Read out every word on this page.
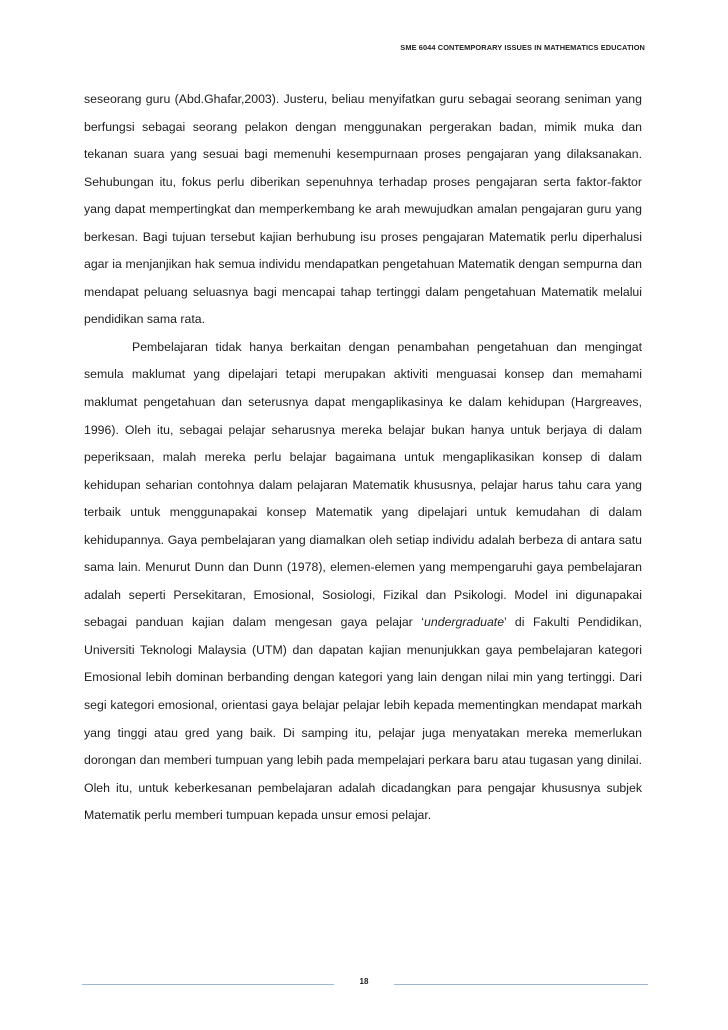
SME 6044 CONTEMPORARY ISSUES IN MATHEMATICS EDUCATION

seseorang guru (Abd.Ghafar,2003). Justeru, beliau menyifatkan guru sebagai seorang seniman yang berfungsi sebagai seorang pelakon dengan menggunakan pergerakan badan, mimik muka dan tekanan suara yang sesuai bagi memenuhi kesempurnaan proses pengajaran yang dilaksanakan. Sehubungan itu, fokus perlu diberikan sepenuhnya terhadap proses pengajaran serta faktor-faktor yang dapat mempertingkat dan memperkembang ke arah mewujudkan amalan pengajaran guru yang berkesan. Bagi tujuan tersebut kajian berhubung isu proses pengajaran Matematik perlu diperhalusi agar ia menjanjikan hak semua individu mendapatkan pengetahuan Matematik dengan sempurna dan mendapat peluang seluasnya bagi mencapai tahap tertinggi dalam pengetahuan Matematik melalui pendidikan sama rata.

Pembelajaran tidak hanya berkaitan dengan penambahan pengetahuan dan mengingat semula maklumat yang dipelajari tetapi merupakan aktiviti menguasai konsep dan memahami maklumat pengetahuan dan seterusnya dapat mengaplikasinya ke dalam kehidupan (Hargreaves, 1996). Oleh itu, sebagai pelajar seharusnya mereka belajar bukan hanya untuk berjaya di dalam peperiksaan, malah mereka perlu belajar bagaimana untuk mengaplikasikan konsep di dalam kehidupan seharian contohnya dalam pelajaran Matematik khususnya, pelajar harus tahu cara yang terbaik untuk menggunapakai konsep Matematik yang dipelajari untuk kemudahan di dalam kehidupannya. Gaya pembelajaran yang diamalkan oleh setiap individu adalah berbeza di antara satu sama lain. Menurut Dunn dan Dunn (1978), elemen-elemen yang mempengaruhi gaya pembelajaran adalah seperti Persekitaran, Emosional, Sosiologi, Fizikal dan Psikologi. Model ini digunapakai sebagai panduan kajian dalam mengesan gaya pelajar ‘undergraduate’ di Fakulti Pendidikan, Universiti Teknologi Malaysia (UTM) dan dapatan kajian menunjukkan gaya pembelajaran kategori Emosional lebih dominan berbanding dengan kategori yang lain dengan nilai min yang tertinggi. Dari segi kategori emosional, orientasi gaya belajar pelajar lebih kepada mementingkan mendapat markah yang tinggi atau gred yang baik. Di samping itu, pelajar juga menyatakan mereka memerlukan dorongan dan memberi tumpuan yang lebih pada mempelajari perkara baru atau tugasan yang dinilai. Oleh itu, untuk keberkesanan pembelajaran adalah dicadangkan para pengajar khususnya subjek Matematik perlu memberi tumpuan kepada unsur emosi pelajar.

18
